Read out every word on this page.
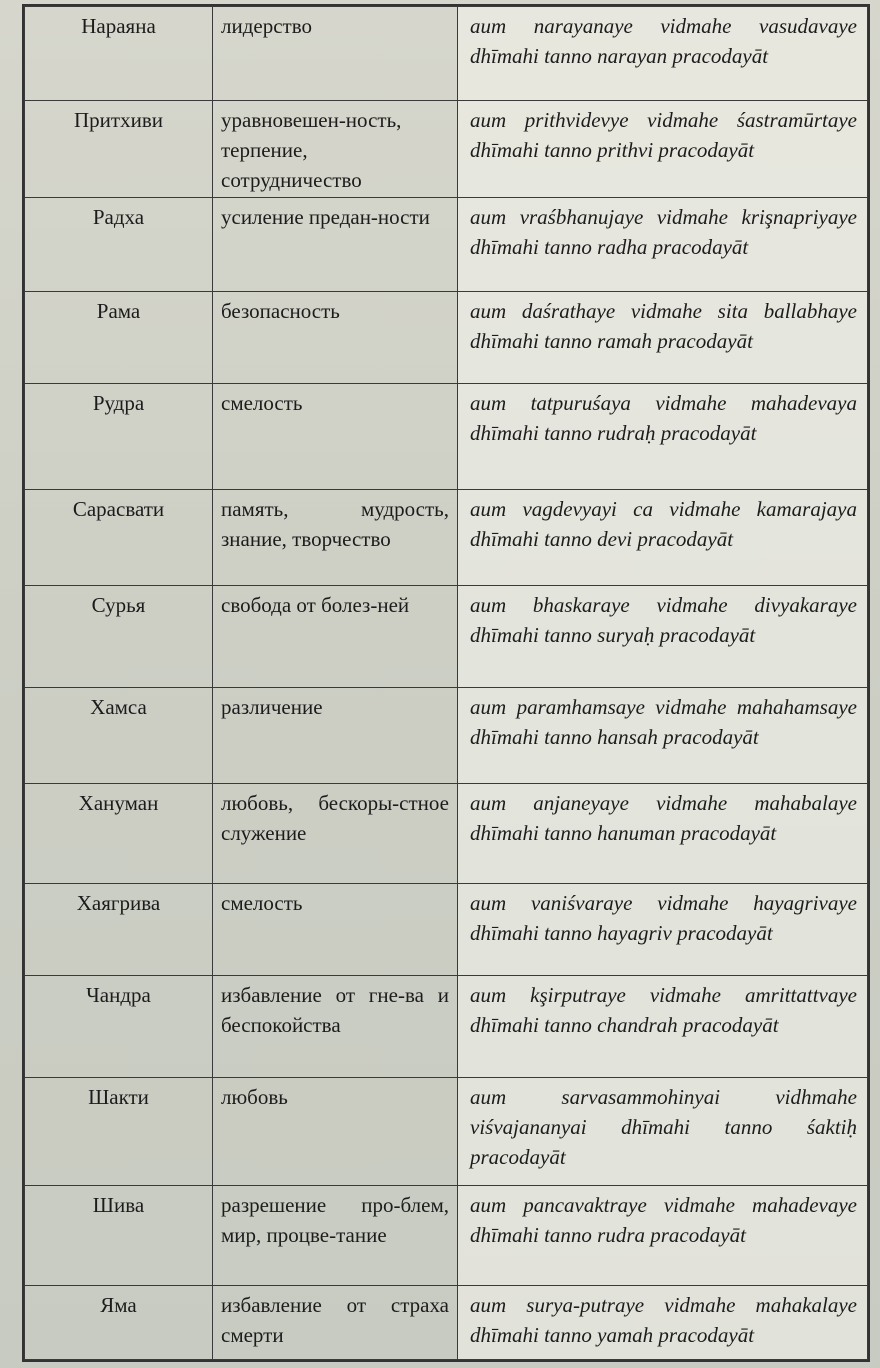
Нараяна	лидерство	aum narayanaye vidmahe vasudavaye dhīmahi tanno narayan pracodayāt
Притхиви	уравновешен-ность, терпение, сотрудничество	aum prithvidevye vidmahe śastramūrtaye dhīmahi tanno prithvi pracodayāt
Радха	усиление предан-ности	aum vraśbhanujaye vidmahe krişnapriyaye dhīmahi tanno radha pracodayāt
Рама	безопасность	aum daśrathaye vidmahe sita ballabhaye dhīmahi tanno ramah pracodayāt
Рудра	смелость	aum tatpuruśaya vidmahe mahadevaya dhīmahi tanno rudraḥ pracodayāt
Сарасвати	память, мудрость, знание, творчество	aum vagdevyayi ca vidmahe kamarajaya dhīmahi tanno devi pracodayāt
Сурья	свобода от болез-ней	aum bhaskaraye vidmahe divyakaraye dhīmahi tanno suryaḥ pracodayāt
Хамса	различение	aum paramhamsaye vidmahe mahahamsaye dhīmahi tanno hansah pracodayāt
Хануман	любовь, бескоры-стное служение	aum anjaneyaye vidmahe mahabalaye dhīmahi tanno hanuman pracodayāt
Хаягрива	смелость	aum vaniśvaraye vidmahe hayagrivaye dhīmahi tanno hayagriv pracodayāt
Чандра	избавление от гне-ва и беспокойства	aum kşirputraye vidmahe amrittattvaye dhīmahi tanno chandrah pracodayāt
Шакти	любовь	aum sarvasammohinyai vidhmahe viśvajananyai dhīmahi tanno śaktiḥ pracodayāt
Шива	разрешение про-блем, мир, процве-тание	aum pancavaktraye vidmahe mahadevaye dhīmahi tanno rudra pracodayāt
Яма	избавление от страха смерти	aum surya-putraye vidmahe mahakalaye dhīmahi tanno yamah pracodayāt
